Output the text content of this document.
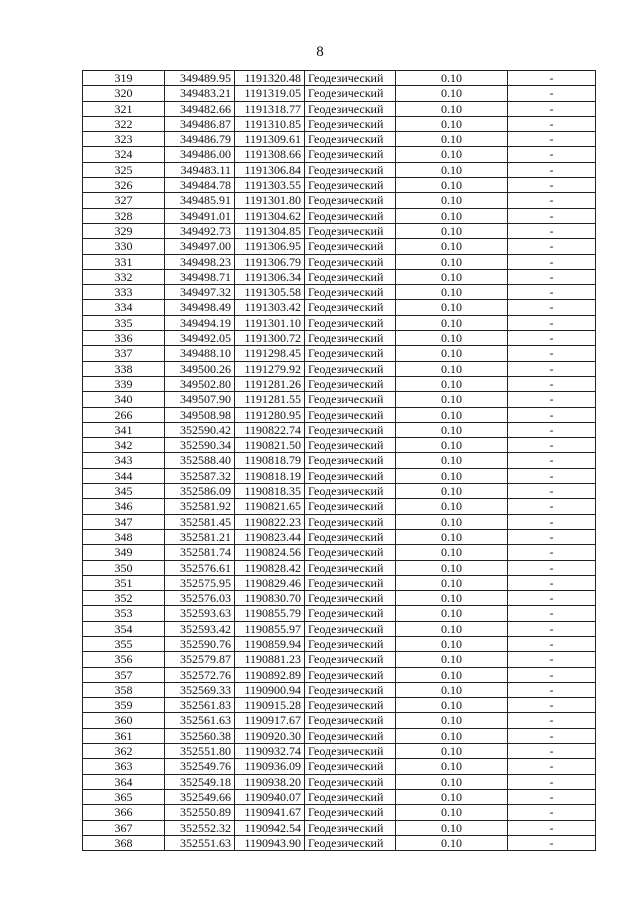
8
319	349489.95	1191320.48	Геодезический	0.10	-
320	349483.21	1191319.05	Геодезический	0.10	-
321	349482.66	1191318.77	Геодезический	0.10	-
322	349486.87	1191310.85	Геодезический	0.10	-
323	349486.79	1191309.61	Геодезический	0.10	-
324	349486.00	1191308.66	Геодезический	0.10	-
325	349483.11	1191306.84	Геодезический	0.10	-
326	349484.78	1191303.55	Геодезический	0.10	-
327	349485.91	1191301.80	Геодезический	0.10	-
328	349491.01	1191304.62	Геодезический	0.10	-
329	349492.73	1191304.85	Геодезический	0.10	-
330	349497.00	1191306.95	Геодезический	0.10	-
331	349498.23	1191306.79	Геодезический	0.10	-
332	349498.71	1191306.34	Геодезический	0.10	-
333	349497.32	1191305.58	Геодезический	0.10	-
334	349498.49	1191303.42	Геодезический	0.10	-
335	349494.19	1191301.10	Геодезический	0.10	-
336	349492.05	1191300.72	Геодезический	0.10	-
337	349488.10	1191298.45	Геодезический	0.10	-
338	349500.26	1191279.92	Геодезический	0.10	-
339	349502.80	1191281.26	Геодезический	0.10	-
340	349507.90	1191281.55	Геодезический	0.10	-
266	349508.98	1191280.95	Геодезический	0.10	-
341	352590.42	1190822.74	Геодезический	0.10	-
342	352590.34	1190821.50	Геодезический	0.10	-
343	352588.40	1190818.79	Геодезический	0.10	-
344	352587.32	1190818.19	Геодезический	0.10	-
345	352586.09	1190818.35	Геодезический	0.10	-
346	352581.92	1190821.65	Геодезический	0.10	-
347	352581.45	1190822.23	Геодезический	0.10	-
348	352581.21	1190823.44	Геодезический	0.10	-
349	352581.74	1190824.56	Геодезический	0.10	-
350	352576.61	1190828.42	Геодезический	0.10	-
351	352575.95	1190829.46	Геодезический	0.10	-
352	352576.03	1190830.70	Геодезический	0.10	-
353	352593.63	1190855.79	Геодезический	0.10	-
354	352593.42	1190855.97	Геодезический	0.10	-
355	352590.76	1190859.94	Геодезический	0.10	-
356	352579.87	1190881.23	Геодезический	0.10	-
357	352572.76	1190892.89	Геодезический	0.10	-
358	352569.33	1190900.94	Геодезический	0.10	-
359	352561.83	1190915.28	Геодезический	0.10	-
360	352561.63	1190917.67	Геодезический	0.10	-
361	352560.38	1190920.30	Геодезический	0.10	-
362	352551.80	1190932.74	Геодезический	0.10	-
363	352549.76	1190936.09	Геодезический	0.10	-
364	352549.18	1190938.20	Геодезический	0.10	-
365	352549.66	1190940.07	Геодезический	0.10	-
366	352550.89	1190941.67	Геодезический	0.10	-
367	352552.32	1190942.54	Геодезический	0.10	-
368	352551.63	1190943.90	Геодезический	0.10	-
